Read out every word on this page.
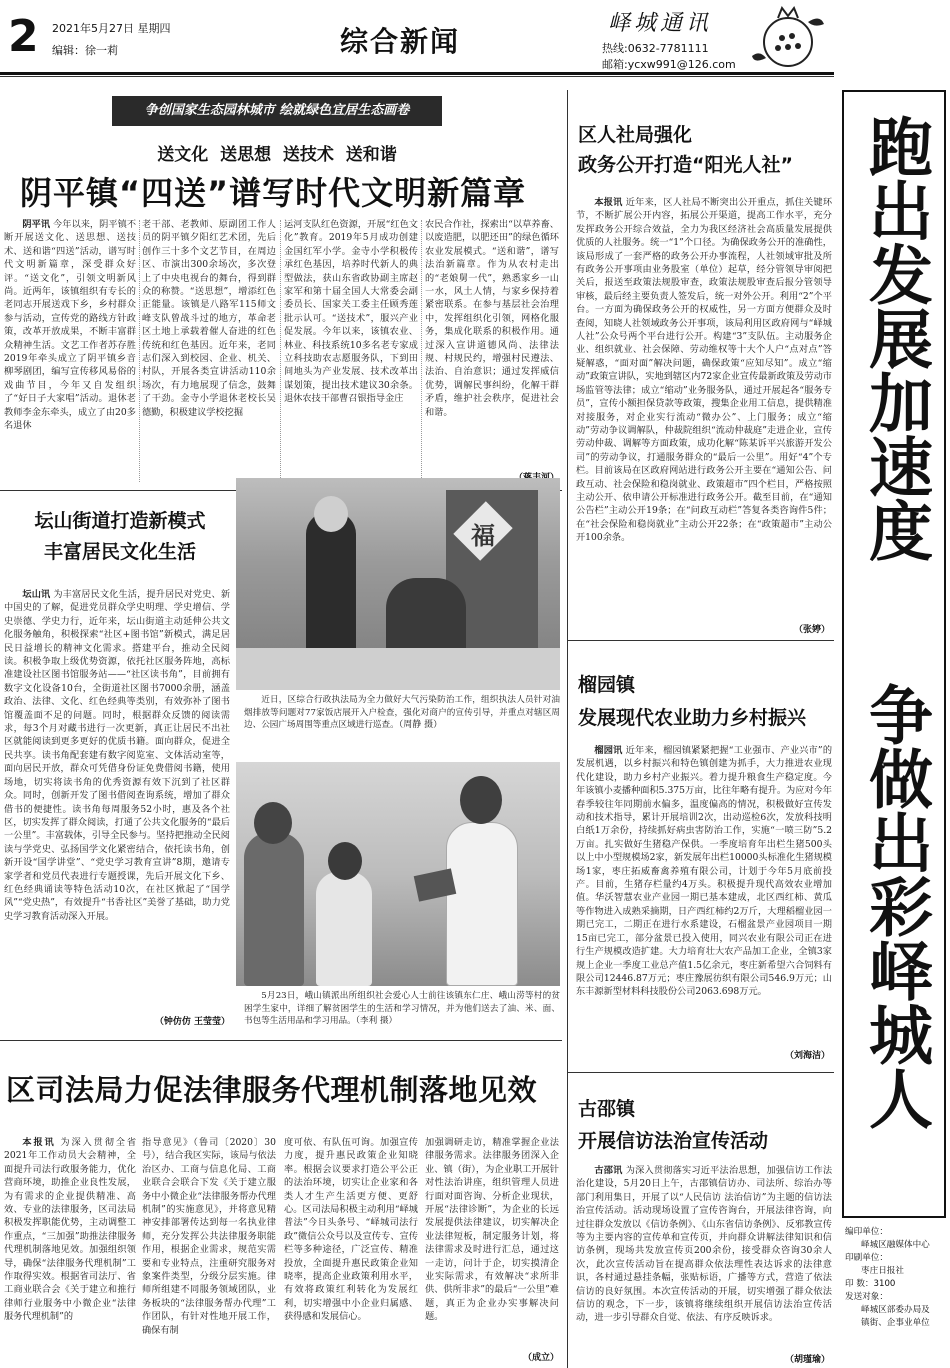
2 2021年5月27日 星期四
编辑：徐一莉	综合新闻
峄城通讯
热线:0632-7781111
邮箱:ycxw991@126.com
争创国家生态园林城市 绘就绿色宜居生态画卷
送文化  送思想  送技术  送和谐
阴平镇“四送”谱写时代文明新篇章

阴平讯 今年以来，阴平镇不断开展送文化、送思想、送技术、送和谐“四送”活动，谱写时代文明新篇章，深受群众好评。“送文化”，引领文明新风尚。近两年，该镇组织有专长的老同志开展送戏下乡，乡村群众参与活动，宣传党的路线方针政策，改革开放成果，不断丰富群众精神生活。文艺工作者苏存胜2019年牵头成立了阴平镇乡音柳琴剧团，编写宣传移风易俗的戏曲节目，今年又自发组织了“好日子大家唱”活动。退休老教师李金东牵头，成立了由20多名退休

老干部、老教师、原副团工作人员的阴平镇夕阳红艺术团，先后创作三十多个文艺节目，在周边区、市演出300余场次，多次登上了中央电视台的舞台，得到群众的称赞。“送思想”，增添红色正能量。该镇是八路军115师文峰支队曾战斗过的地方，革命老区土地上承载着催人奋进的红色传统和红色基因。近年来，老同志们深入到校园、企业、机关、村队，开展各类宣讲活动110余场次，有力地展现了信念，鼓舞了干劲。金寺小学退休老校长吴德勤，积极建议学校挖掘

运河支队红色资源，开展“红色文化”教育。2019年5月成功创建金国红军小学。金寺小学积极传承红色基因，培养时代新人的典型做法，获山东省政协副主席赵家军和第十届全国人大常委会副委员长、国家关工委主任顾秀莲批示认可。“送技术”，服兴产业促发展。今年以来，该镇农业、林业、科技系统10多名老专家成立科技助农志愿服务队，下到田间地头为产业发展、技术改革出谋划策，提出技术建议30余条。退休农技干部曹召银指导金庄

农民合作社，探索出“以草养畜、以废造肥，以肥还田”的绿色循环农业发展模式。“送和谐”，谱写法治新篇章。作为从农村走出的“老娘舅一代”，熟悉家乡一山一水，风土人情，与家乡保持着紧密联系。在参与基层社会治理中，发挥组织化引领，网格化服务，集成化联系的积极作用。通过深入宣讲道德风尚、法律法规、村规民约，增强村民遵法、法治、自治意识；通过发挥威信优势，调解民事纠纷，化解干群矛盾，维护社会秩序，促进社会和谐。

坛山街道打造新模式
丰富居民文化生活

坛山讯 为丰富居民文化生活，提升居民对党史、新中国史的了解，促进党员群众学史明理、学史增信、学史崇德、学史力行，近年来，坛山街道主动延伸公共文化服务触角，积极探索“社区+图书馆”新模式，满足居民日益增长的精神文化需求。搭建平台，推动全民阅读。积极争取上级优势资源，依托社区服务阵地，高标准建设社区图书馆服务站——“社区读书角”，目前拥有数字文化设备10台，全街道社区图书7000余册，涵盖政治、法律、文化、红色经典等类别，有效弥补了图书馆覆盖面不足的问题。同时，根据群众反馈的阅读需求，每3个月对藏书进行一次更新，真正让居民不出社区就能阅读到更多更好的优质书籍。面向群众，促进全民共享。读书角配套建有数字阅览室、文体活动室等，面向居民开放，群众可凭借身份证免费借阅书籍，使用场地，切实将读书角的优秀资源有效下沉到了社区群众。同时，创新开发了图书借阅查询系统，增加了群众借书的便捷性。读书角每周服务52小时，惠及各个社区，切实发挥了群众阅读，打通了公共文化服务的“最后一公里”。丰富载体，引导全民参与。坚持把推动全民阅读与学党史、弘扬国学文化紧密结合，依托读书角，创新开设“国学讲堂”、“党史学习教育宣讲”8期，邀请专家学者和党员代表进行专题授课，先后开展文化下乡、红色经典诵读等特色活动10次，在社区掀起了“国学风”“党史热”，有效提升“书香社区”美誉了基础，助力党史学习教育活动深入开展。

（钟仿仿 王莹莹）
福
近日，区综合行政执法局为全力做好大气污染防治工作，组织执法人员针对油烟排放等问题对77家饭店展开入户检查，强化对商户的宣传引导，并重点对辖区周边、公园广场周围等重点区域进行巡查。（周静 摄）
5月23日，峨山镇派出所组织社会爱心人士前往该镇东仁庄、峨山涝等村的贫困学生家中，详细了解贫困学生的生活和学习情况，并为他们送去了油、米、面、书包等生活用品和学习用品。（李利 摄）
区司法局力促法律服务代理机制落地见效

本报讯 为深入贯彻全省2021年工作动员大会精神，全面提升司法行政服务能力，优化营商环境，助推企业良性发展，为有需求的企业提供精准、高效、专业的法律服务，区司法局积极发挥职能优势，主动调整工作重点，“三加强”助推法律服务代理机制落地见效。加强组织领导，确保“法律服务代理机制”工作取得实效。根据省司法厅、省工商业联合会《关于建立和推行律师行业服务中小微企业“法律服务代理机制”的

指导意见》（鲁司〔2020〕30号），结合我区实际，该局与依法治区办、工商与信息化局、工商业联合会联合下发《关于建立服务中小微企业“法律服务帮办代理机制”的实施意见》，并将意见精神安排部署传达到每一名执业律师，充分发挥公共法律服务职能作用，根据企业需求，规范实需要和专业特点，注重研究服务对象案件类型，分级分层实施。律师所组建不同服务领域团队，业务板块的“法律服务帮办代理”工作团队，有针对性地开展工作，确保有制

度可依、有队伍可询。加强宣传力度，提升惠民政策企业知晓率。根据会议要求打造公平公正的法治环境，切实让企业家和各类人才生产生活更方便、更舒心。区司法局积极主动利用“峄城普法”今日头条号、“峄城司法行政”微信公众号以及宣传专、宣传栏等多种途径，广泛宣传、精准投放，全面提升惠民政策企业知晓率，提高企业政策利用水平，有效将政策红利转化为发展红利，切实增强中小企业归属感、获得感和发展信心。

加强调研走访，精准掌握企业法律服务需求。法律服务团深入企业、镇（街），为企业职工开展针对性法治讲座，组织管理人员进行面对面咨询、分析企业现状，开展“法律诊断”，为企业的长远发展提供法律建议，切实解决企业法律短板，制定服务计划，将法律需求及时进行汇总，通过这一走访，问计于企，切实摸清企业实际需求，有效解决“求所非供、供所非求”的最后“一公里”难题，真正为企业办实事解决问题。

（成立）
区人社局强化
政务公开打造“阳光人社”

本报讯 近年来，区人社局不断突出公开重点，抓住关键环节，不断扩展公开内容，拓展公开渠道，提高工作水平，充分发挥政务公开综合效益，全力为我区经济社会高质量发展提供优质的人社服务。统一“1”个口径。为确保政务公开的准确性，该局形成了一套严格的政务公开办事流程，人社领域审批及所有政务公开事项由业务股室（单位）起草，经分管领导审阅把关后，报送至政策法规股审查，政策法规股审查后报分管领导审核，最后经主要负责人签发后，统一对外公开。利用“2”个平台。一方面为确保政务公开的权威性，另一方面方便群众及时查阅，知晓人社领域政务公开事项，该局利用区政府网与“峄城人社”公众号两个平台进行公开。构建“3”支队伍。主动服务企业、组织就业、社会保障、劳动维权等十大个人户“点对点”答疑解惑，“面对面”解决问题，确保政策“应知尽知”。成立“缩动”政策宣讲队，实地到辖区内72家企业宣传最新政策及劳动市场监管等法律；成立“缩动”业务服务队，通过开展起各“服务专员”，宣传小额担保贷款等政策，搜集企业用工信息，提供精准对接服务，对企业实行流动“微办公”、上门服务；成立“缩动”劳动争议调解队，仲裁院组织“流动仲裁庭”走进企业，宣传劳动仲裁、调解等方面政策，成功化解“陈某诉平兴旅游开发公司”的劳动争议，打通服务群众的“最后一公里”。用好“4”个专栏。目前该局在区政府网站进行政务公开主要在“通知公告、问政互动、社会保险和稳岗就业、政策超市”四个栏目，严格按照主动公开、依申请公开标准进行政务公开。截至目前，在“通知公告栏”主动公开19条；在“问政互动栏”答复各类咨询件5件；在“社会保险和稳岗就业”主动公开22条；在“政策超市”主动公开100余条。

（张婷）
榴园镇
发展现代农业助力乡村振兴

榴园讯 近年来，榴园镇紧紧把握“工业强市、产业兴市”的发展机遇，以乡村振兴和特色镇创建为抓手，大力推进农业现代化建设，助力乡村产业振兴。着力提升粮食生产稳定度。今年该镇小麦播种面积5.375万亩，比往年略有提升。为应对今年春季较往年同期前水偏多，温度偏高的情况，积极做好宣传发动和技术指导，累计开展培训2次，出动巡检6次，发放科技明白纸1万余份，持续抓好病虫害防治工作，实施“一喷三防”5.2万亩。扎实做好生猪稳产保供。一季度培育年出栏生猪500头以上中小型规模场2家，新发展年出栏10000头标准化生猪规模场1家，枣庄拓威畜禽养殖有限公司，计划于今年5月底前投产。目前，生猪存栏量约4万头。积极提升现代高效农业增加值。华沃智慧农业产业园一期已基本建成，北区西红柿、黄瓜等作物进入成熟采摘期，日产西红柿约2万斤，大理稻榴业园一期已完工，二期正在进行水系建设，石榴盆景产业园项目一期15亩已完工，部分盆景已投入使用，同兴农业有限公司正在进行生产规模改造扩建。大力培育壮大农产品加工企业，全镇3家规上企业一季度工业总产值1.5亿余元，枣庄新希望六合饲料有限公司12446.87万元；枣庄豫展彷织有限公司546.9万元；山东丰源新型材料科技股份公司2063.698万元。

（刘海洁）
古邵镇
开展信访法治宣传活动

古邵讯 为深入贯彻落实习近平法治思想，加强信访工作法治化建设，5月20日上午，古邵镇信访办、司法所、综治办等部门利用集日，开展了以“人民信访 法治信访”为主题的信访法治宣传活动。活动现场设置了宣传咨询台，开展法律咨询，向过往群众发放以《信访条例》、《山东省信访条例》、反邪教宣传等为主要内容的宣传单和宣传页，并向群众讲解法律知识和信访条例，现场共发放宣传页200余份，接受群众咨询30余人次，此次宣传活动旨在提高群众依法理性表达诉求的法律意识，各村通过悬挂条幅，张贴标语，广播等方式，营造了依法信访的良好氛围。本次宣传活动的开展，切实增强了群众依法信访的观念，下一步，该镇将继续组织开展信访法治宣传活动，进一步引导群众自觉、依法、有序反映诉求。

（胡瑾瑜）
跑出发展加速度
争做出彩峄城人
编印单位：
峄城区融媒体中心
印刷单位：
枣庄日报社
印 数：3100
发送对象：
峄城区部委办局及
镇街、企事业单位
